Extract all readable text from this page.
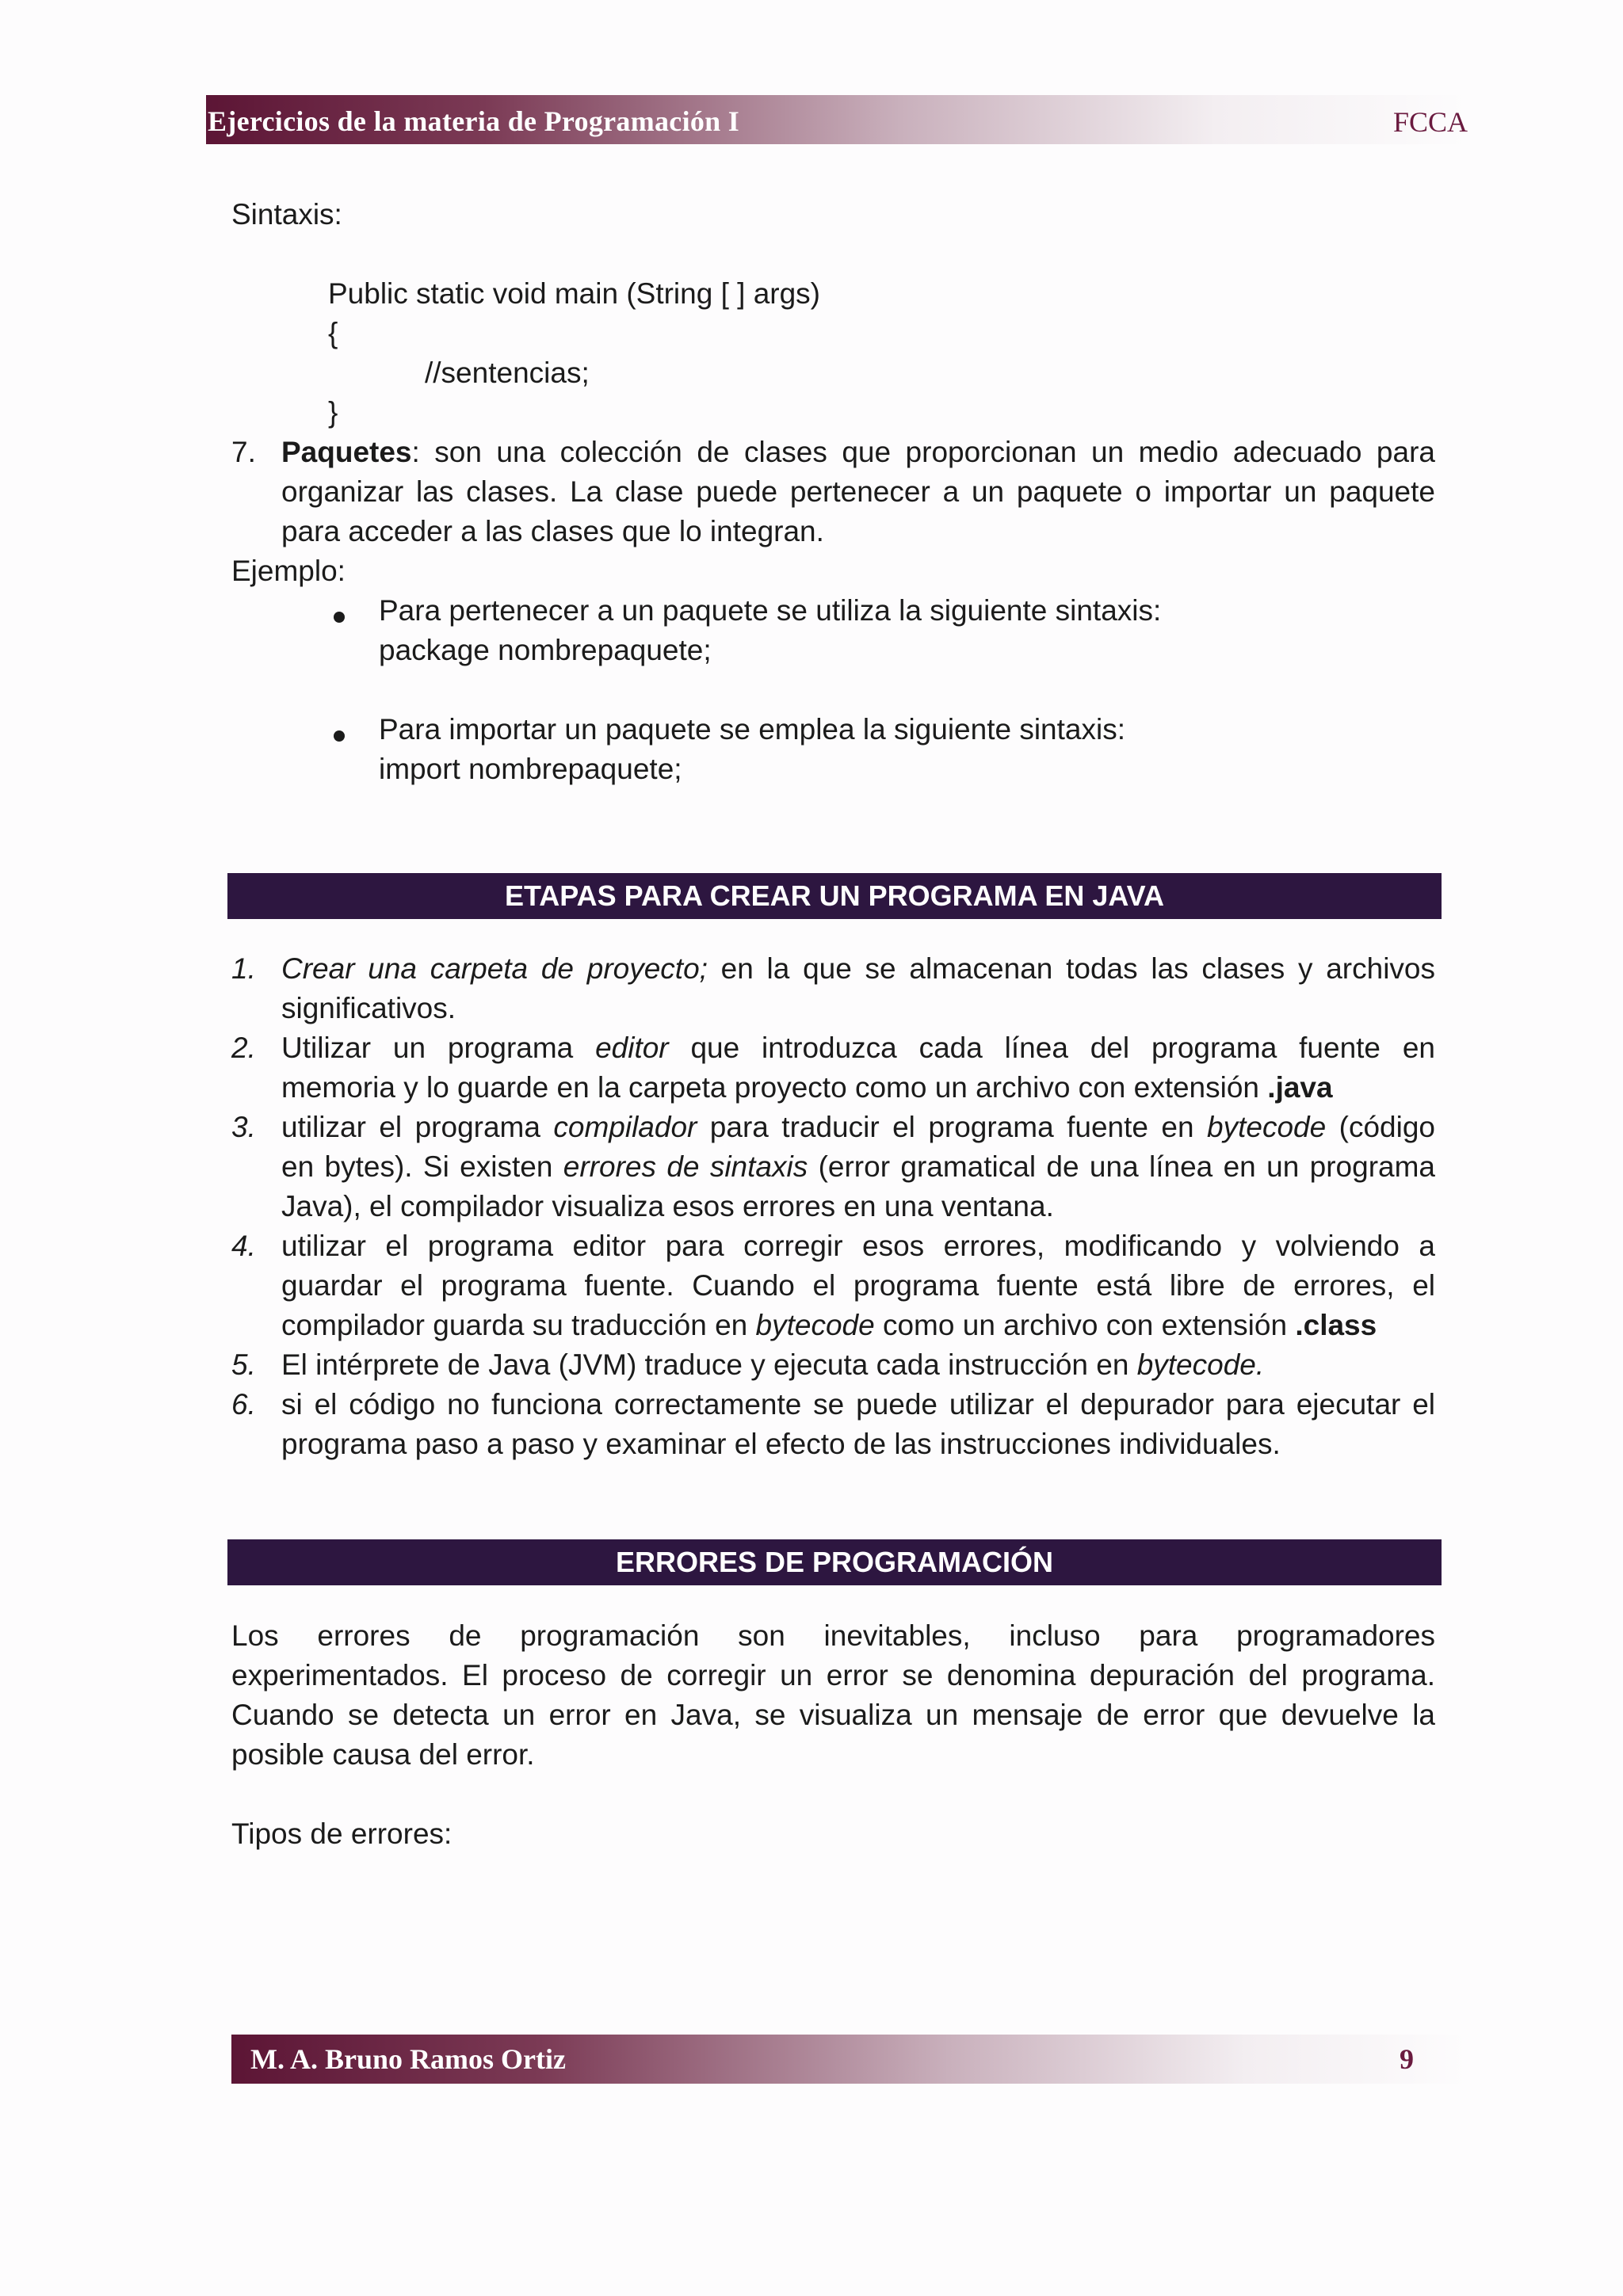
Ejercicios de la materia de Programación I	FCCA
Sintaxis:
Public static void main (String [ ] args)
{
//sentencias;
}
7. Paquetes: son una colección de clases que proporcionan un medio adecuado para
organizar las clases. La clase puede pertenecer a un paquete o importar un paquete
para acceder a las clases que lo integran.
Ejemplo:
Para pertenecer a un paquete se utiliza la siguiente sintaxis:
package nombrepaquete;
Para importar un paquete se emplea la siguiente sintaxis:
import nombrepaquete;
ETAPAS PARA CREAR UN PROGRAMA EN JAVA
1. Crear una carpeta de proyecto; en la que se almacenan todas las clases y archivos
significativos.
2. Utilizar un programa editor que introduzca cada línea del programa fuente en
memoria y lo guarde en la carpeta proyecto como un archivo con extensión .java
3. utilizar el programa compilador para traducir el programa fuente en bytecode (código
en bytes). Si existen errores de sintaxis (error gramatical de una línea en un programa
Java), el compilador visualiza esos errores en una ventana.
4. utilizar el programa editor para corregir esos errores, modificando y volviendo a
guardar el programa fuente. Cuando el programa fuente está libre de errores, el
compilador guarda su traducción en bytecode como un archivo con extensión .class
5. El intérprete de Java (JVM) traduce y ejecuta cada instrucción en bytecode.
6. si el código no funciona correctamente se puede utilizar el depurador para ejecutar el
programa paso a paso y examinar el efecto de las instrucciones individuales.
ERRORES DE PROGRAMACIÓN
Los errores de programación son inevitables, incluso para programadores
experimentados. El proceso de corregir un error se denomina depuración del programa.
Cuando se detecta un error en Java, se visualiza un mensaje de error que devuelve la
posible causa del error.
Tipos de errores:
M. A. Bruno Ramos Ortiz	9
